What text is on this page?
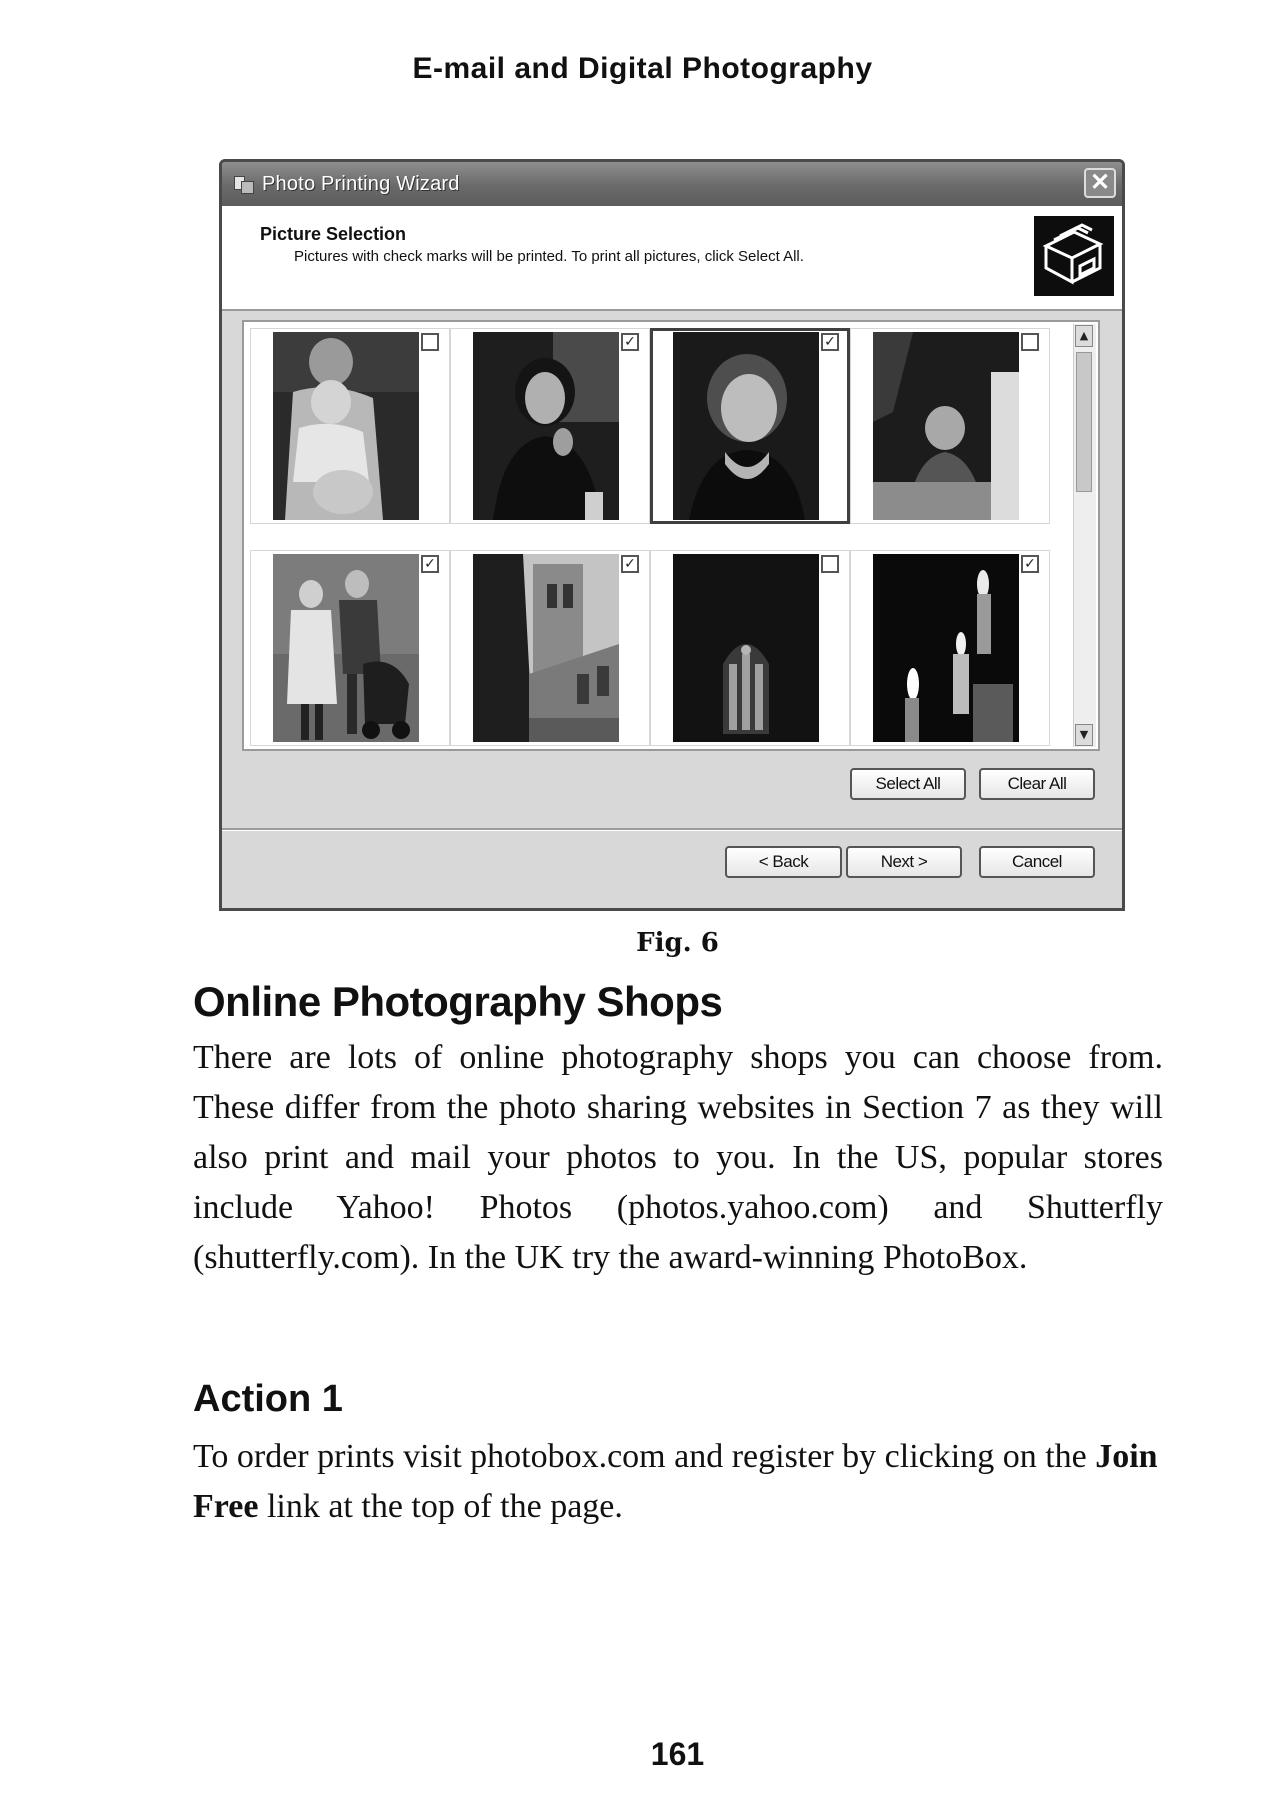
E-mail and Digital Photography
Photo Printing Wizard	✕
Picture Selection
Pictures with check marks will be printed. To print all pictures, click Select All.
✓	✓
✓	✓	✓
▲
▼
Select All	Clear All
< Back	Next >	Cancel
Fig. 6
Online Photography Shops
There are lots of online photography shops you can choose from. These differ from the photo sharing websites in Section 7 as they will also print and mail your photos to you. In the US, popular stores include Yahoo! Photos (photos.yahoo.com) and Shutterfly (shutterfly.com). In the UK try the award-winning PhotoBox.
Action 1
To order prints visit photobox.com and register by clicking on the Join Free link at the top of the page.
161
